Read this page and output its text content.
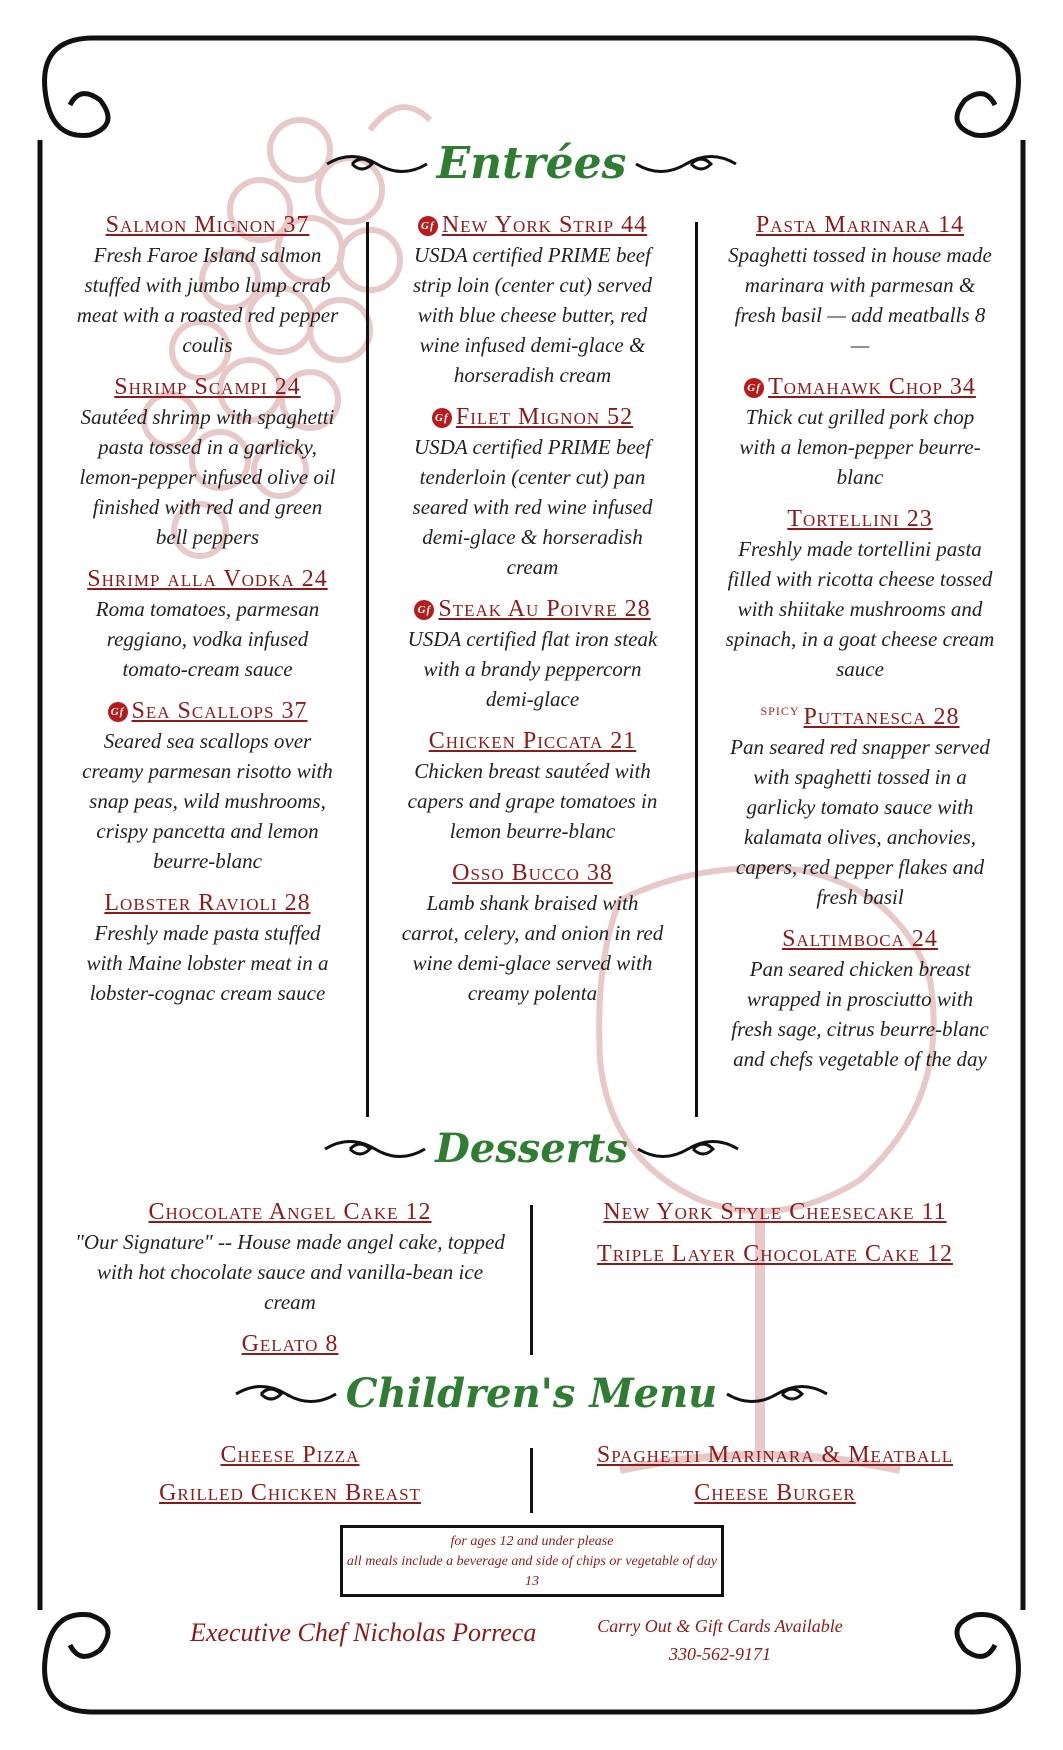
Entrées
Salmon Mignon 37
Fresh Faroe Island salmon stuffed with jumbo lump crab meat with a roasted red pepper coulis
Shrimp Scampi 24
Sautéed shrimp with spaghetti pasta tossed in a garlicky, lemon-pepper infused olive oil finished with red and green bell peppers
Shrimp alla Vodka 24
Roma tomatoes, parmesan reggiano, vodka infused tomato-cream sauce
Gf Sea Scallops 37
Seared sea scallops over creamy parmesan risotto with snap peas, wild mushrooms, crispy pancetta and lemon beurre-blanc
Lobster Ravioli 28
Freshly made pasta stuffed with Maine lobster meat in a lobster-cognac cream sauce
Gf New York Strip 44
USDA certified PRIME beef strip loin (center cut) served with blue cheese butter, red wine infused demi-glace & horseradish cream
Gf Filet Mignon 52
USDA certified PRIME beef tenderloin (center cut) pan seared with red wine infused demi-glace & horseradish cream
Gf Steak Au Poivre 28
USDA certified flat iron steak with a brandy peppercorn demi-glace
Chicken Piccata 21
Chicken breast sautéed with capers and grape tomatoes in lemon beurre-blanc
Osso Bucco 38
Lamb shank braised with carrot, celery, and onion in red wine demi-glace served with creamy polenta
Pasta Marinara 14
Spaghetti tossed in house made marinara with parmesan & fresh basil — add meatballs 8 —
Gf Tomahawk Chop 34
Thick cut grilled pork chop with a lemon-pepper beurre-blanc
Tortellini 23
Freshly made tortellini pasta filled with ricotta cheese tossed with shiitake mushrooms and spinach, in a goat cheese cream sauce
SPICY Puttanesca 28
Pan seared red snapper served with spaghetti tossed in a garlicky tomato sauce with kalamata olives, anchovies, capers, red pepper flakes and fresh basil
Saltimboca 24
Pan seared chicken breast wrapped in prosciutto with fresh sage, citrus beurre-blanc and chefs vegetable of the day
Desserts
Chocolate Angel Cake 12
"Our Signature" -- House made angel cake, topped with hot chocolate sauce and vanilla-bean ice cream
Gelato 8
New York Style Cheesecake 11
Triple Layer Chocolate Cake 12
Children's Menu
Cheese Pizza
Grilled Chicken Breast
Spaghetti Marinara & Meatball
Cheese Burger
for ages 12 and under please
all meals include a beverage and side of chips or vegetable of day
13
Executive Chef Nicholas Porreca	Carry Out & Gift Cards Available
330-562-9171
